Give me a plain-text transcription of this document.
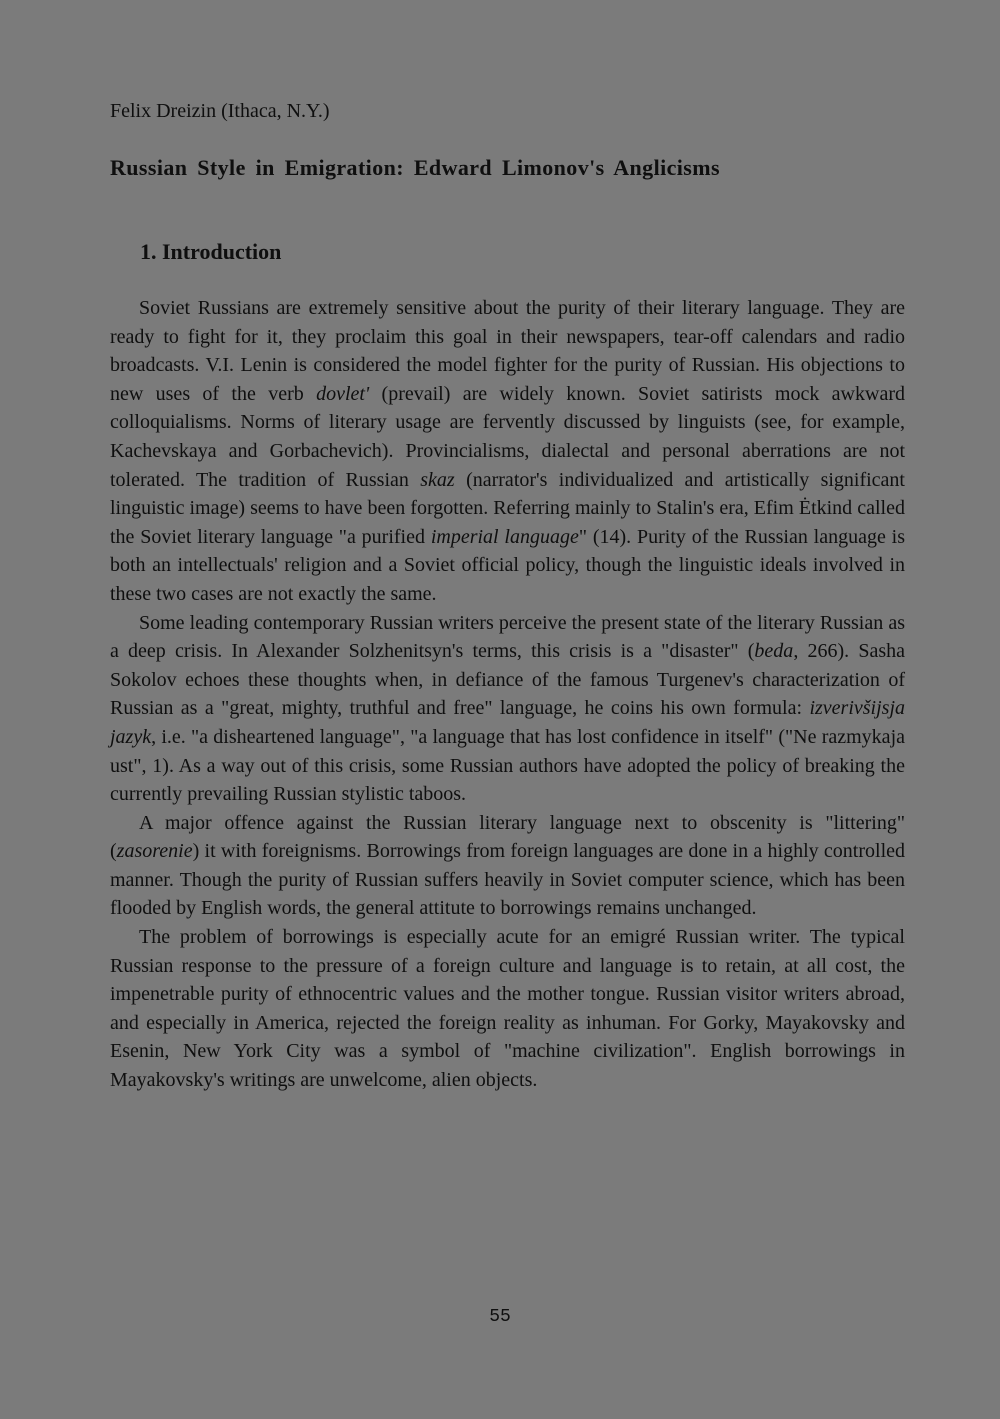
Felix Dreizin (Ithaca, N.Y.)
Russian Style in Emigration: Edward Limonov's Anglicisms
1. Introduction

Soviet Russians are extremely sensitive about the purity of their literary language. They are ready to fight for it, they proclaim this goal in their newspapers, tear-off calendars and radio broadcasts. V.I. Lenin is considered the model fighter for the purity of Russian. His objections to new uses of the verb dovlet' (prevail) are widely known. Soviet satirists mock awkward colloquialisms. Norms of literary usage are fervently discussed by linguists (see, for example, Kachevskaya and Gorbachevich). Provincialisms, dialectal and personal aberrations are not tolerated. The tradition of Russian skaz (narrator's individualized and artistically significant linguistic image) seems to have been forgotten. Referring mainly to Stalin's era, Efim Ėtkind called the Soviet literary language "a purified imperial language" (14). Purity of the Russian language is both an intellectuals' religion and a Soviet official policy, though the linguistic ideals involved in these two cases are not exactly the same.

Some leading contemporary Russian writers perceive the present state of the literary Russian as a deep crisis. In Alexander Solzhenitsyn's terms, this crisis is a "disaster" (beda, 266). Sasha Sokolov echoes these thoughts when, in defiance of the famous Turgenev's characterization of Russian as a "great, mighty, truthful and free" language, he coins his own formula: izverivšijsja jazyk, i.e. "a disheartened language", "a language that has lost confidence in itself" ("Ne razmykaja ust", 1). As a way out of this crisis, some Russian authors have adopted the policy of breaking the currently prevailing Russian stylistic taboos.

A major offence against the Russian literary language next to obscenity is "littering" (zasorenie) it with foreignisms. Borrowings from foreign languages are done in a highly controlled manner. Though the purity of Russian suffers heavily in Soviet computer science, which has been flooded by English words, the general attitute to borrowings remains unchanged.

The problem of borrowings is especially acute for an emigré Russian writer. The typical Russian response to the pressure of a foreign culture and language is to retain, at all cost, the impenetrable purity of ethnocentric values and the mother tongue. Russian visitor writers abroad, and especially in America, rejected the foreign reality as inhuman. For Gorky, Mayakovsky and Esenin, New York City was a symbol of "machine civilization". English borrowings in Mayakovsky's writings are unwelcome, alien objects.

55
